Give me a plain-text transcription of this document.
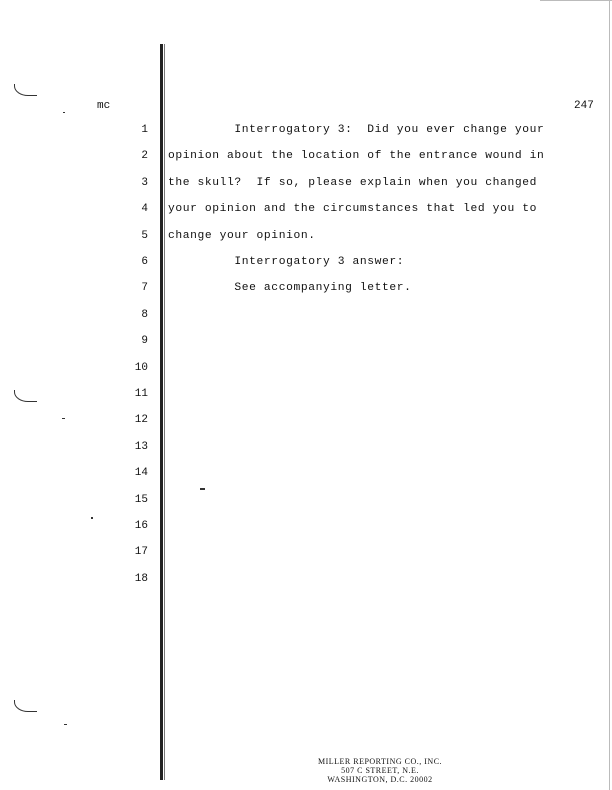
mc	247
1 Interrogatory 3:  Did you ever change your
2 opinion about the location of the entrance wound in
3 the skull?  If so, please explain when you changed
4 your opinion and the circumstances that led you to
5 change your opinion.
6 Interrogatory 3 answer:
7 See accompanying letter.
8
9
10
11
12
13
14
15
16
17
18
MILLER REPORTING CO., INC.
507 C STREET, N.E.
WASHINGTON, D.C. 20002
